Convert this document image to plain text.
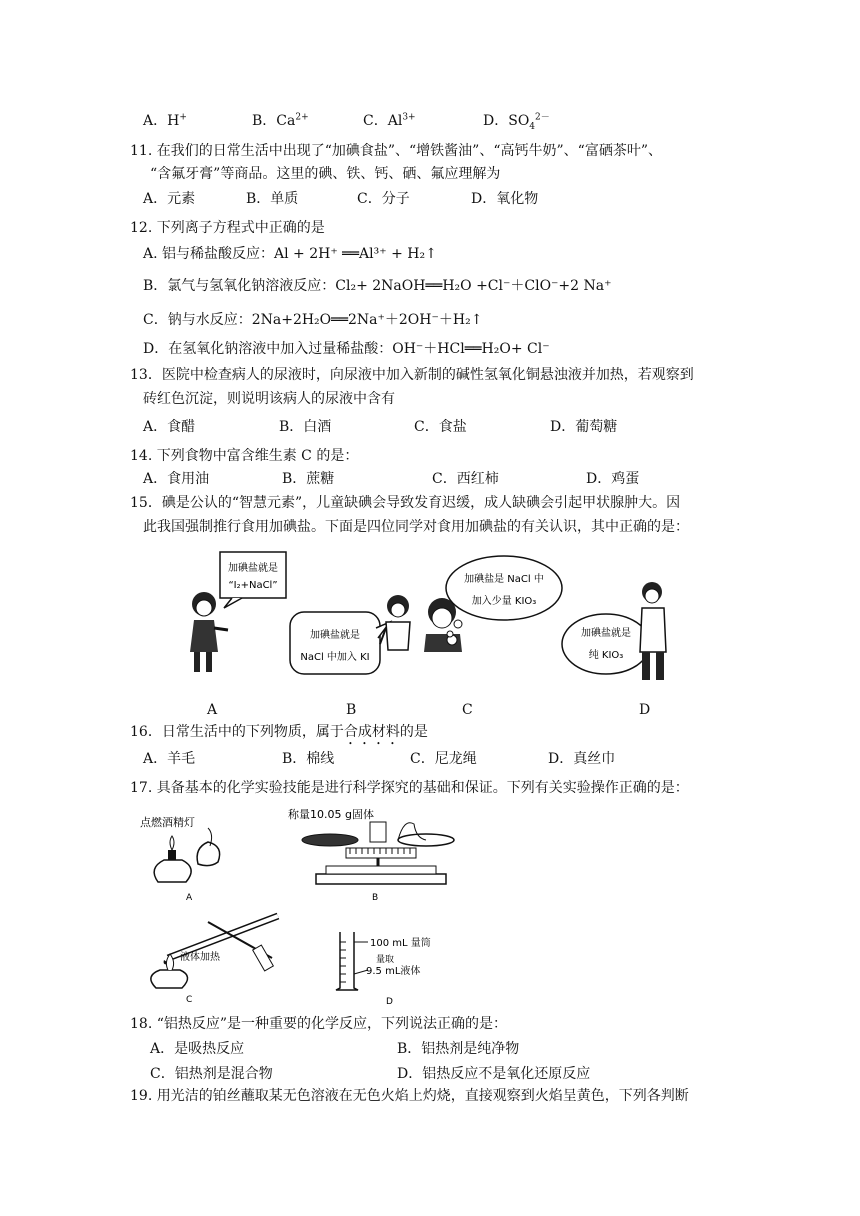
A．H+	B．$Ca^{2+}$	C．$Al^{3+}$	D．$SO_4^{2-}$
11. 在我们的日常生活中出现了“加碘食盐”、“增铁酱油”、“高钙牛奶”、“富硒茶叶”、
“含氟牙膏”等商品。这里的碘、铁、钙、硒、氟应理解为
A．元素	B．单质	C．分子	D．氧化物
12. 下列离子方程式中正确的是
A. 铝与稀盐酸反应：Al + 2H⁺ ══Al³⁺ + H₂↑
B．氯气与氢氧化钠溶液反应：Cl₂+ 2NaOH══H₂O +Cl⁻＋ClO⁻+2 Na⁺
C．钠与水反应：2Na+2H₂O══2Na⁺＋2OH⁻＋H₂↑
D．在氢氧化钠溶液中加入过量稀盐酸：OH⁻＋HCl══H₂O+ Cl⁻
13．医院中检查病人的尿液时，向尿液中加入新制的碱性氢氧化铜悬浊液并加热，若观察到
砖红色沉淀，则说明该病人的尿液中含有
A．食醋	B．白酒	C．食盐	D．葡萄糖
14. 下列食物中富含维生素 C 的是：
A．食用油	B．蔗糖	C．西红柿	D．鸡蛋
15．碘是公认的“智慧元素”，儿童缺碘会导致发育迟缓，成人缺碘会引起甲状腺肿大。因
此我国强制推行食用加碘盐。下面是四位同学对食用加碘盐的有关认识，其中正确的是：
加碘盐就是
“I₂+NaCl”
加碘盐就是
NaCl 中加入 KI
加碘盐是 NaCl 中
加入少量 KIO₃
加碘盐就是
纯 KIO₃
A	B	C	D
16．日常生活中的下列物质，属于合成材料的是
A．羊毛	B．棉线	C．尼龙绳	D．真丝巾
17. 具备基本的化学实验技能是进行科学探究的基础和保证。下列有关实验操作正确的是：
点燃酒精灯
A
称量10.05 g固体
B
液体加热
C
100 mL 量筒
量取
9.5 mL液体
D
18. “铝热反应”是一种重要的化学反应，下列说法正确的是：
A．是吸热反应	B．铝热剂是纯净物
C．铝热剂是混合物	D．铝热反应不是氧化还原反应
19. 用光洁的铂丝蘸取某无色溶液在无色火焰上灼烧，直接观察到火焰呈黄色，下列各判断
